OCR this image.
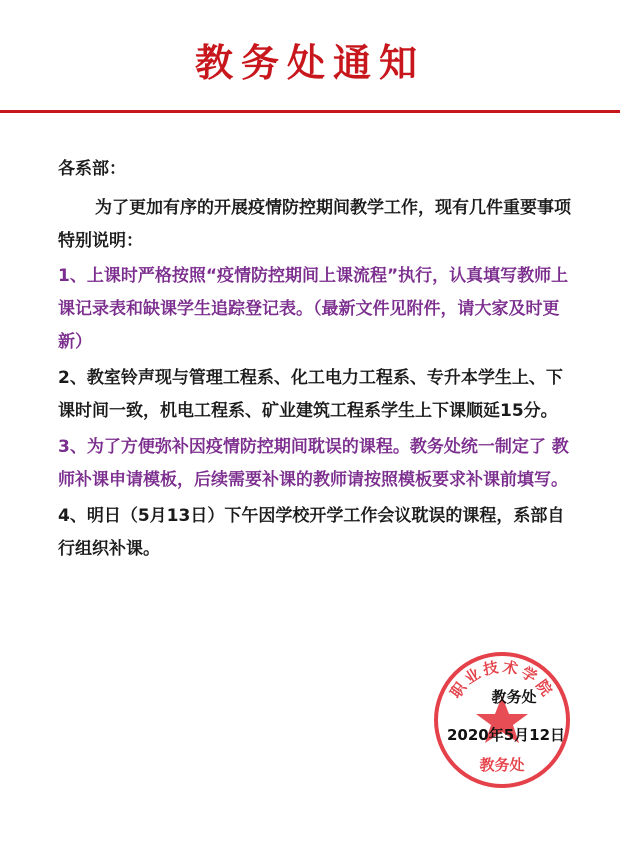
教务处通知

各系部：

为了更加有序的开展疫情防控期间教学工作，现有几件重要事项特别说明：

1、上课时严格按照“疫情防控期间上课流程”执行，认真填写教师上课记录表和缺课学生追踪登记表。（最新文件见附件，请大家及时更新）

2、教室铃声现与管理工程系、化工电力工程系、专升本学生上、下课时间一致，机电工程系、矿业建筑工程系学生上下课顺延15分。

3、为了方便弥补因疫情防控期间耽误的课程。教务处统一制定了 教师补课申请模板，后续需要补课的教师请按照模板要求补课前填写。

4、明日（5月13日）下午因学校开学工作会议耽误的课程，系部自行组织补课。

职业技术学院
教务处
教务处
2020年5月12日
